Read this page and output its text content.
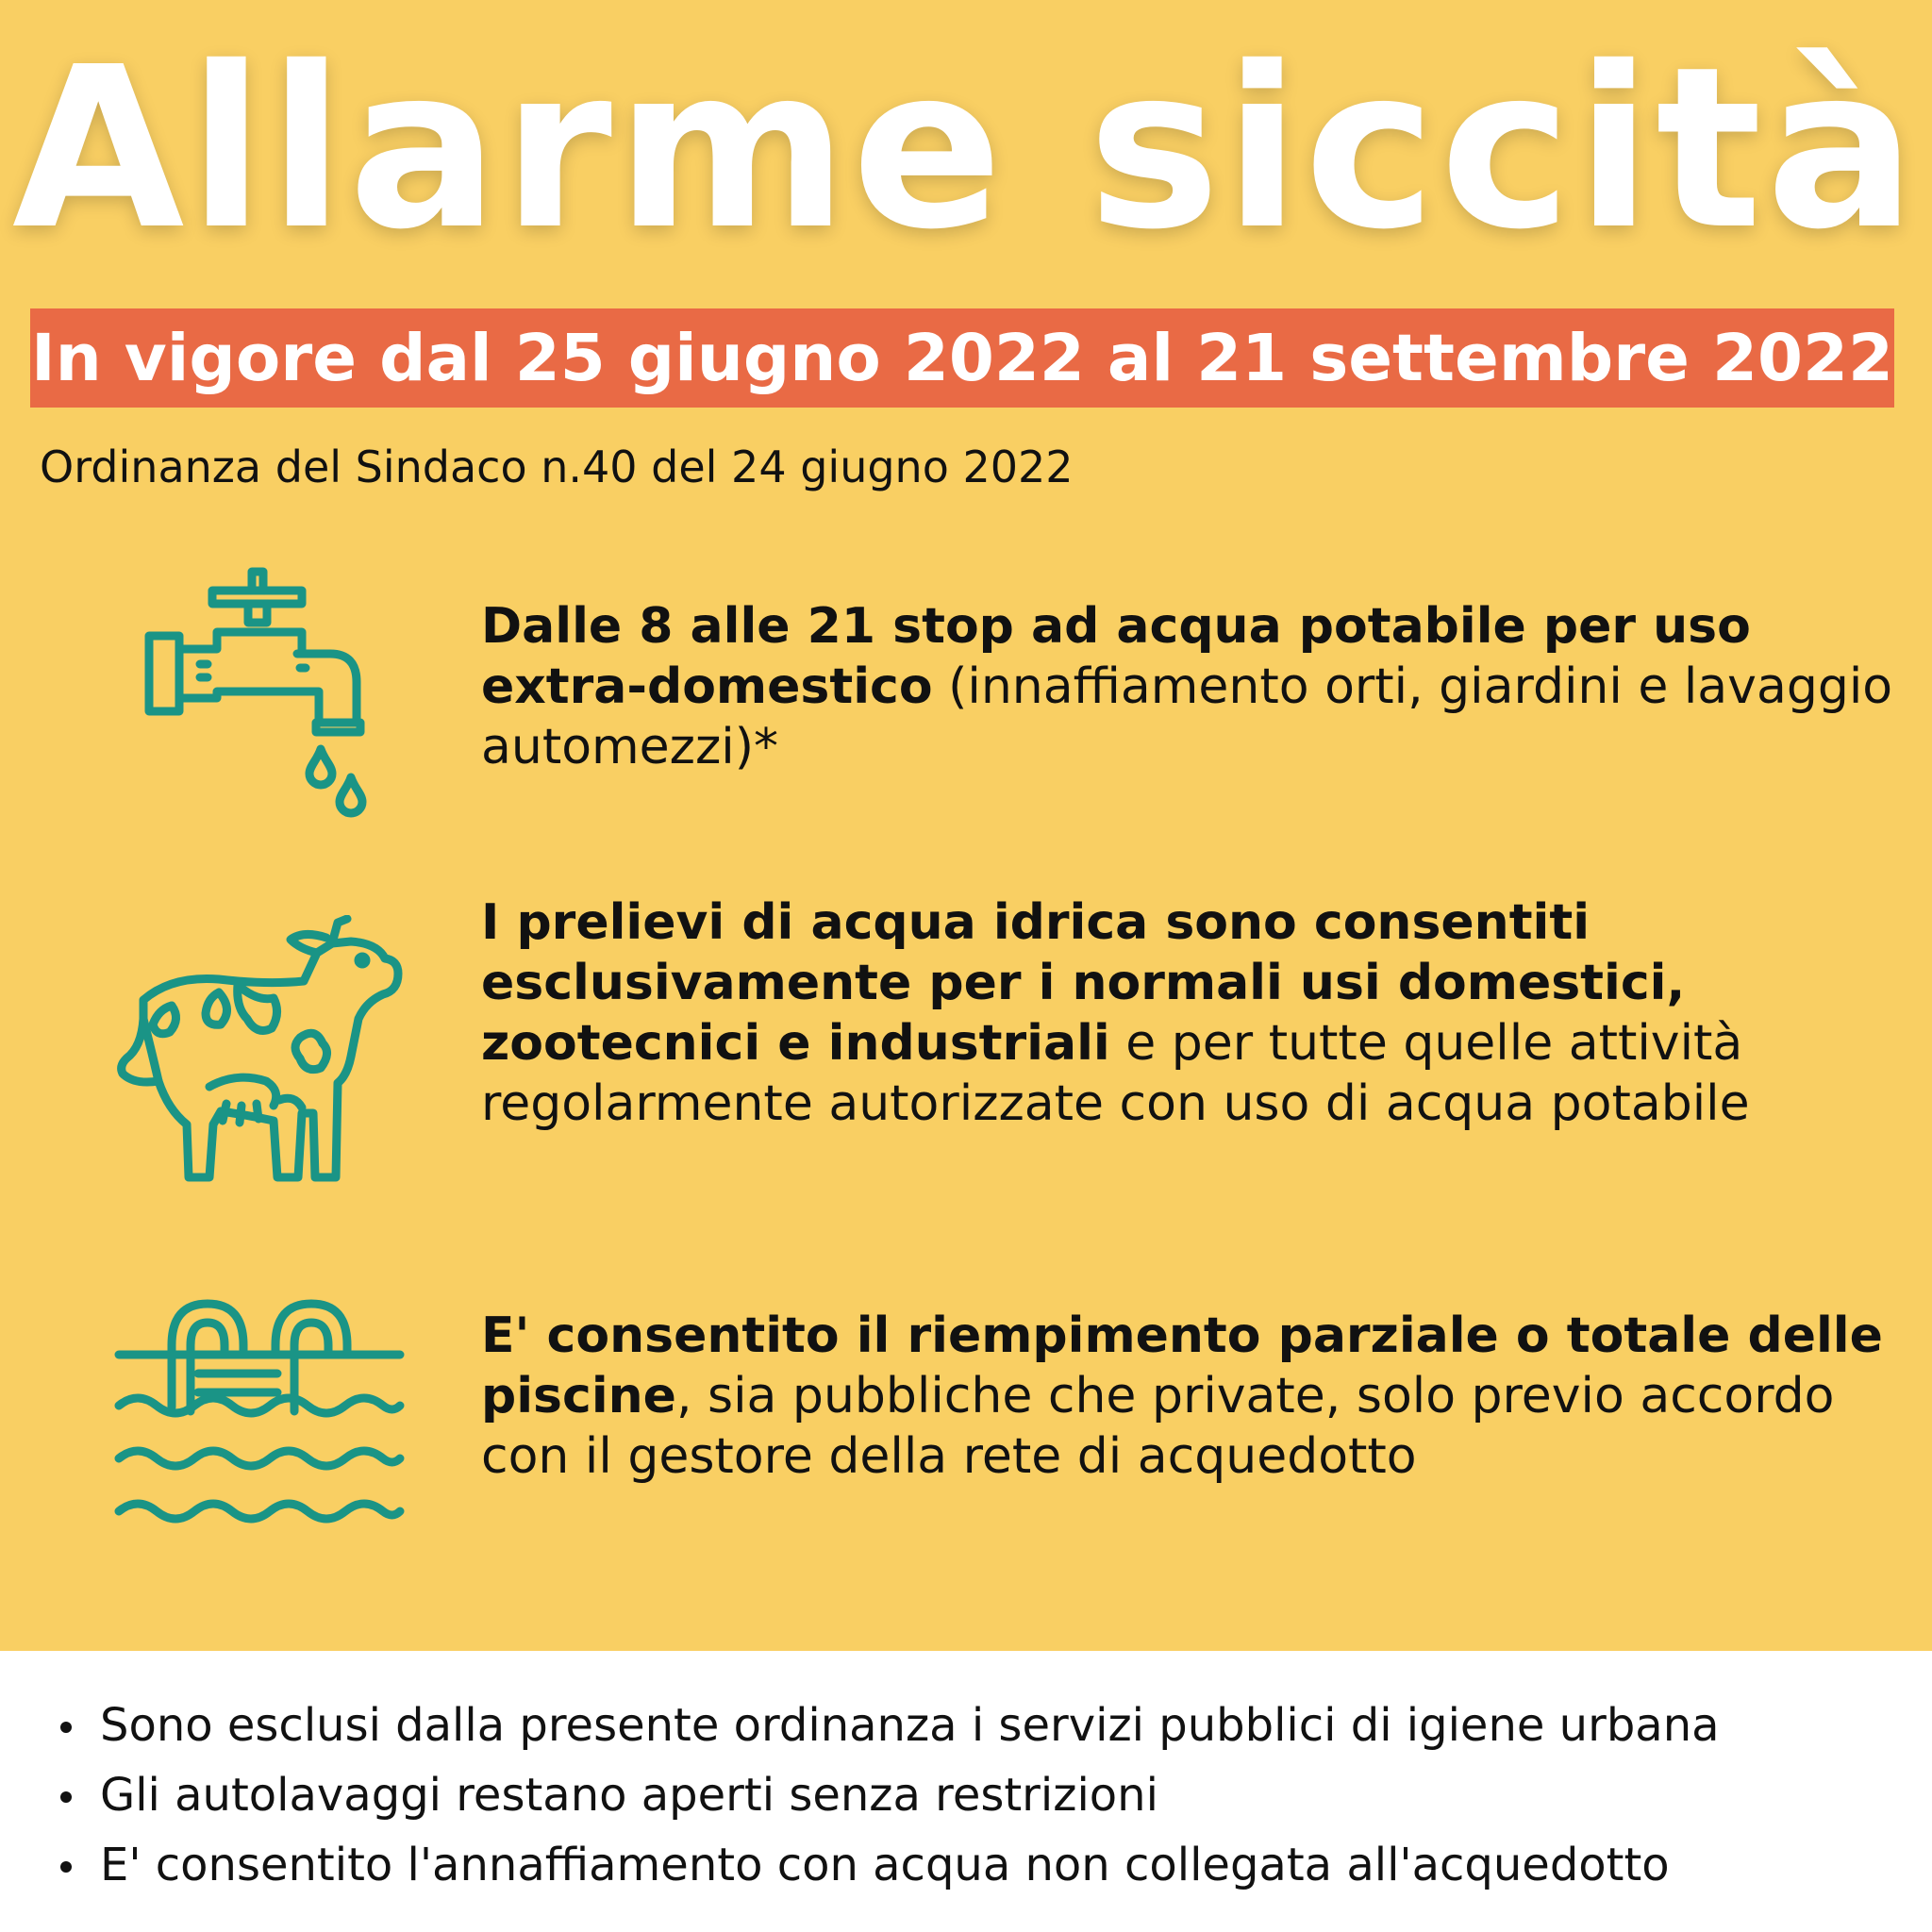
Allarme siccità
In vigore dal 25 giugno 2022 al 21 settembre 2022
Ordinanza del Sindaco n.40 del 24 giugno 2022
Dalle 8 alle 21 stop ad acqua potabile per uso extra-domestico (innaffiamento orti, giardini e lavaggio automezzi)*
I prelievi di acqua idrica sono consentiti esclusivamente per i normali usi domestici, zootecnici e industriali e per tutte quelle attività regolarmente autorizzate con uso di acqua potabile
E' consentito il riempimento parziale o totale delle piscine, sia pubbliche che private, solo previo accordo con il gestore della rete di acquedotto
Sono esclusi dalla presente ordinanza i servizi pubblici di igiene urbana
Gli autolavaggi restano aperti senza restrizioni
E' consentito l'annaffiamento con acqua non collegata all'acquedotto
